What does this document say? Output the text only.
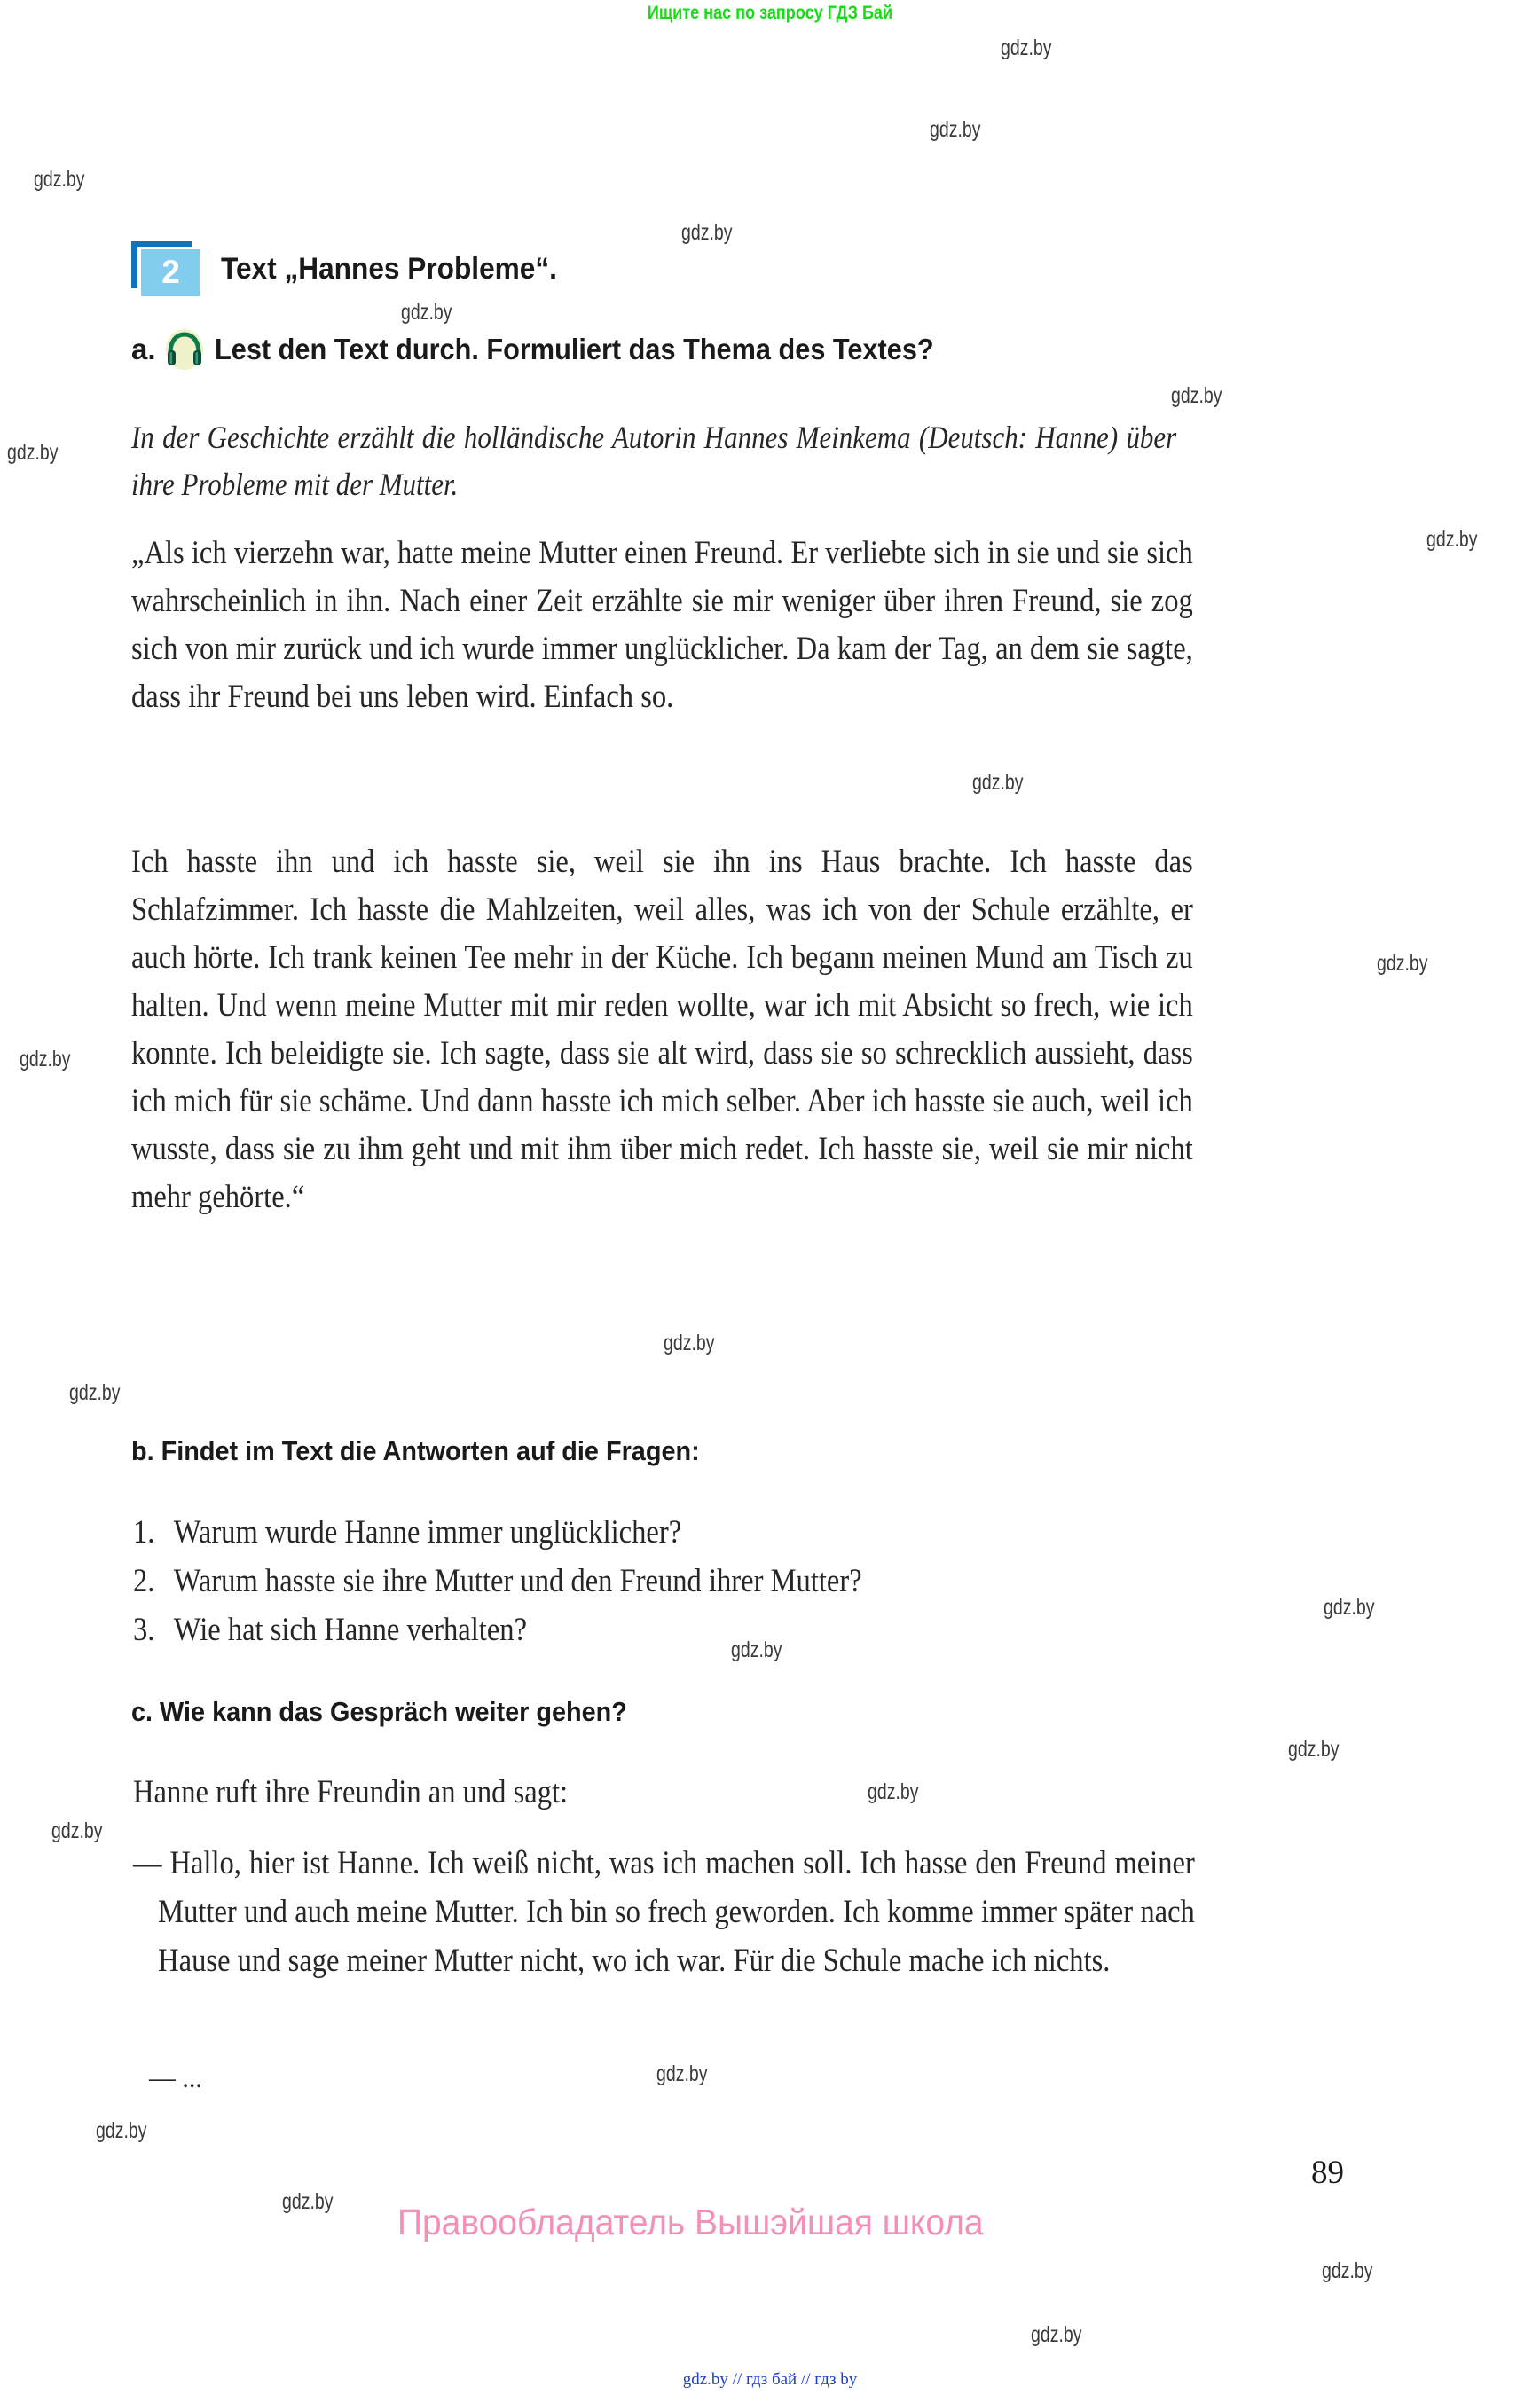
Ищите нас по запросу ГДЗ Бай
gdz.by
gdz.by
gdz.by
gdz.by
gdz.by
gdz.by
gdz.by
gdz.by
gdz.by
gdz.by
gdz.by
gdz.by
gdz.by
gdz.by
gdz.by
gdz.by
gdz.by
gdz.by
gdz.by
gdz.by
gdz.by
gdz.by
gdz.by
2 Text „Hannes Probleme“.
a. Lest den Text durch. Formuliert das Thema des Textes?
In der Geschichte erzählt die holländische Autorin Hannes Meinkema (Deutsch: Hanne) über ihre Probleme mit der Mutter.
„Als ich vierzehn war, hatte meine Mutter einen Freund. Er verliebte sich in sie und sie sich wahrscheinlich in ihn. Nach einer Zeit erzählte sie mir weniger über ihren Freund, sie zog sich von mir zurück und ich wurde immer unglücklicher. Da kam der Tag, an dem sie sagte, dass ihr Freund bei uns leben wird. Einfach so.
Ich hasste ihn und ich hasste sie, weil sie ihn ins Haus brachte. Ich hasste das Schlafzimmer. Ich hasste die Mahlzeiten, weil alles, was ich von der Schule erzählte, er auch hörte. Ich trank keinen Tee mehr in der Küche. Ich begann meinen Mund am Tisch zu halten. Und wenn meine Mutter mit mir reden wollte, war ich mit Absicht so frech, wie ich konnte. Ich beleidigte sie. Ich sagte, dass sie alt wird, dass sie so schrecklich aussieht, dass ich mich für sie schäme. Und dann hasste ich mich selber. Aber ich hasste sie auch, weil ich wusste, dass sie zu ihm geht und mit ihm über mich redet. Ich hasste sie, weil sie mir nicht mehr gehörte.“
b. Findet im Text die Antworten auf die Fragen:
1. Warum wurde Hanne immer unglücklicher?
2. Warum hasste sie ihre Mutter und den Freund ihrer Mutter?
3. Wie hat sich Hanne verhalten?
c. Wie kann das Gespräch weiter gehen?
Hanne ruft ihre Freundin an und sagt:
— Hallo, hier ist Hanne. Ich weiß nicht, was ich machen soll. Ich hasse den Freund meiner Mutter und auch meine Mutter. Ich bin so frech geworden. Ich komme immer später nach Hause und sage meiner Mutter nicht, wo ich war. Für die Schule mache ich nichts.
— ...
89
Правообладатель Вышэйшая школа
gdz.by // гдз бай // гдз by
